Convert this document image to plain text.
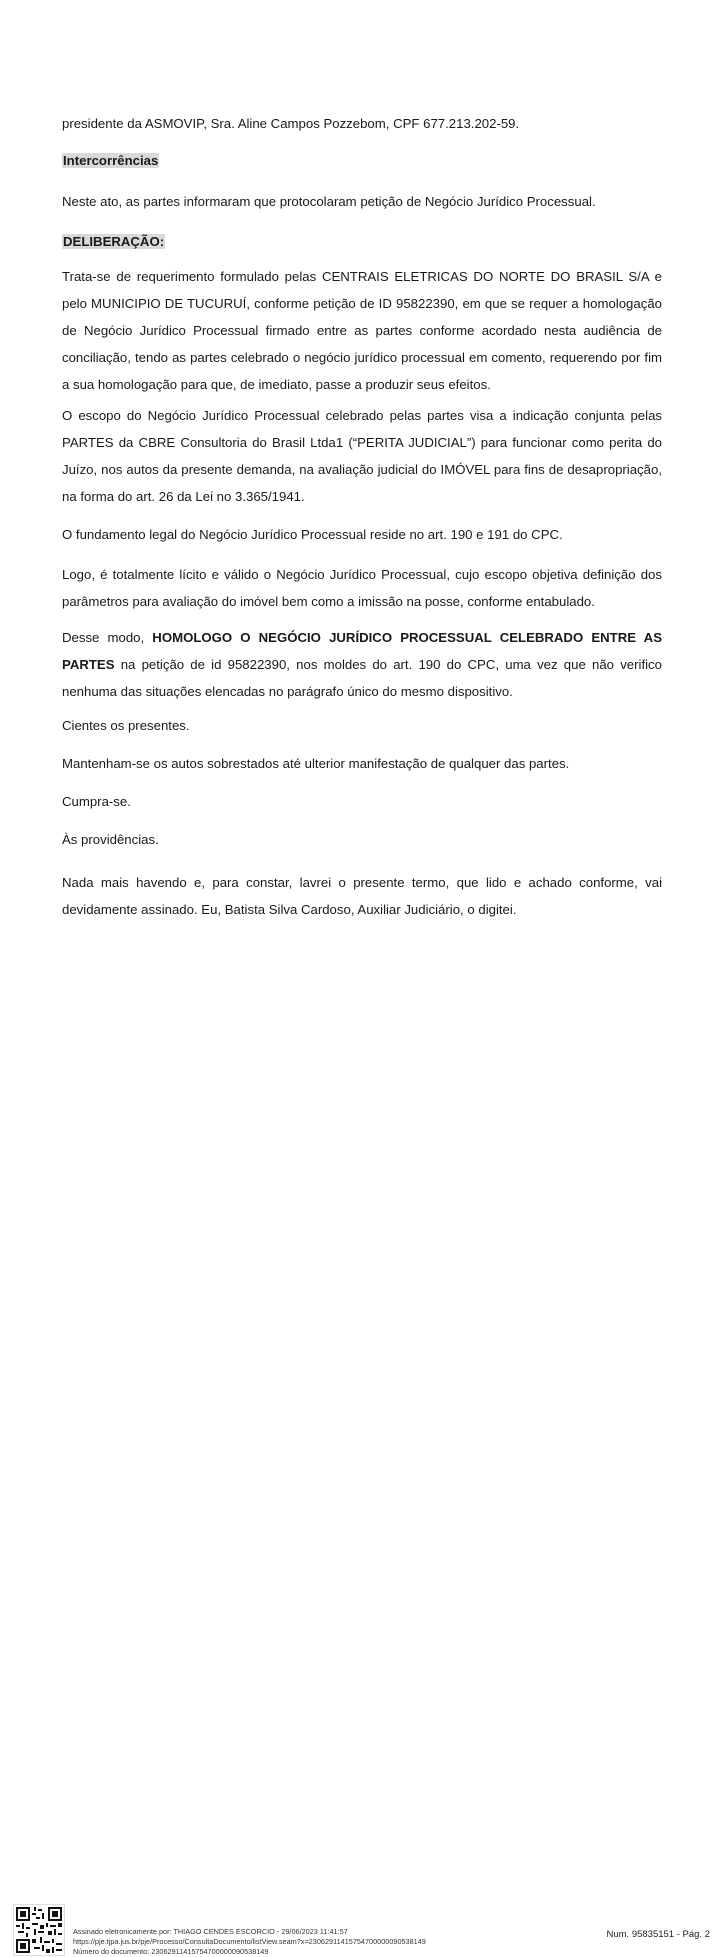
presidente da ASMOVIP, Sra. Aline Campos Pozzebom, CPF 677.213.202-59.

Intercorrências

Neste ato, as partes informaram que protocolaram petição de Negócio Jurídico Processual.

DELIBERAÇÃO:

Trata-se de requerimento formulado pelas CENTRAIS ELETRICAS DO NORTE DO BRASIL S/A e pelo MUNICIPIO DE TUCURUÍ, conforme petição de ID 95822390, em que se requer a homologação de Negócio Jurídico Processual firmado entre as partes conforme acordado nesta audiência de conciliação, tendo as partes celebrado o negócio jurídico processual em comento, requerendo por fim a sua homologação para que, de imediato, passe a produzir seus efeitos.

O escopo do Negócio Jurídico Processual celebrado pelas partes visa a indicação conjunta pelas PARTES da CBRE Consultoria do Brasil Ltda1 (“PERITA JUDICIAL”) para funcionar como perita do Juízo, nos autos da presente demanda, na avaliação judicial do IMÓVEL para fins de desapropriação, na forma do art. 26 da Lei no 3.365/1941.

O fundamento legal do Negócio Jurídico Processual reside no art. 190 e 191 do CPC.

Logo, é totalmente lícito e válido o Negócio Jurídico Processual, cujo escopo objetiva definição dos parâmetros para avaliação do imóvel bem como a imissão na posse, conforme entabulado.

Desse modo, HOMOLOGO O NEGÓCIO JURÍDICO PROCESSUAL CELEBRADO ENTRE AS PARTES na petição de id 95822390, nos moldes do art. 190 do CPC, uma vez que não verifico nenhuma das situações elencadas no parágrafo único do mesmo dispositivo.

Cientes os presentes.

Mantenham-se os autos sobrestados até ulterior manifestação de qualquer das partes.

Cumpra-se.

Às providências.

Nada mais havendo e, para constar, lavrei o presente termo, que lido e achado conforme, vai devidamente assinado. Eu, Batista Silva Cardoso, Auxiliar Judiciário, o digitei.

Assinado eletronicamente por: THIAGO CENDES ESCORCIO - 29/06/2023 11:41:57
https://pje.tjpa.jus.br/pje/Processo/ConsultaDocumento/listView.seam?x=23062911415754700000090538149
Número do documento: 23062911415754700000090538149
Num. 95835151 - Pág. 2
